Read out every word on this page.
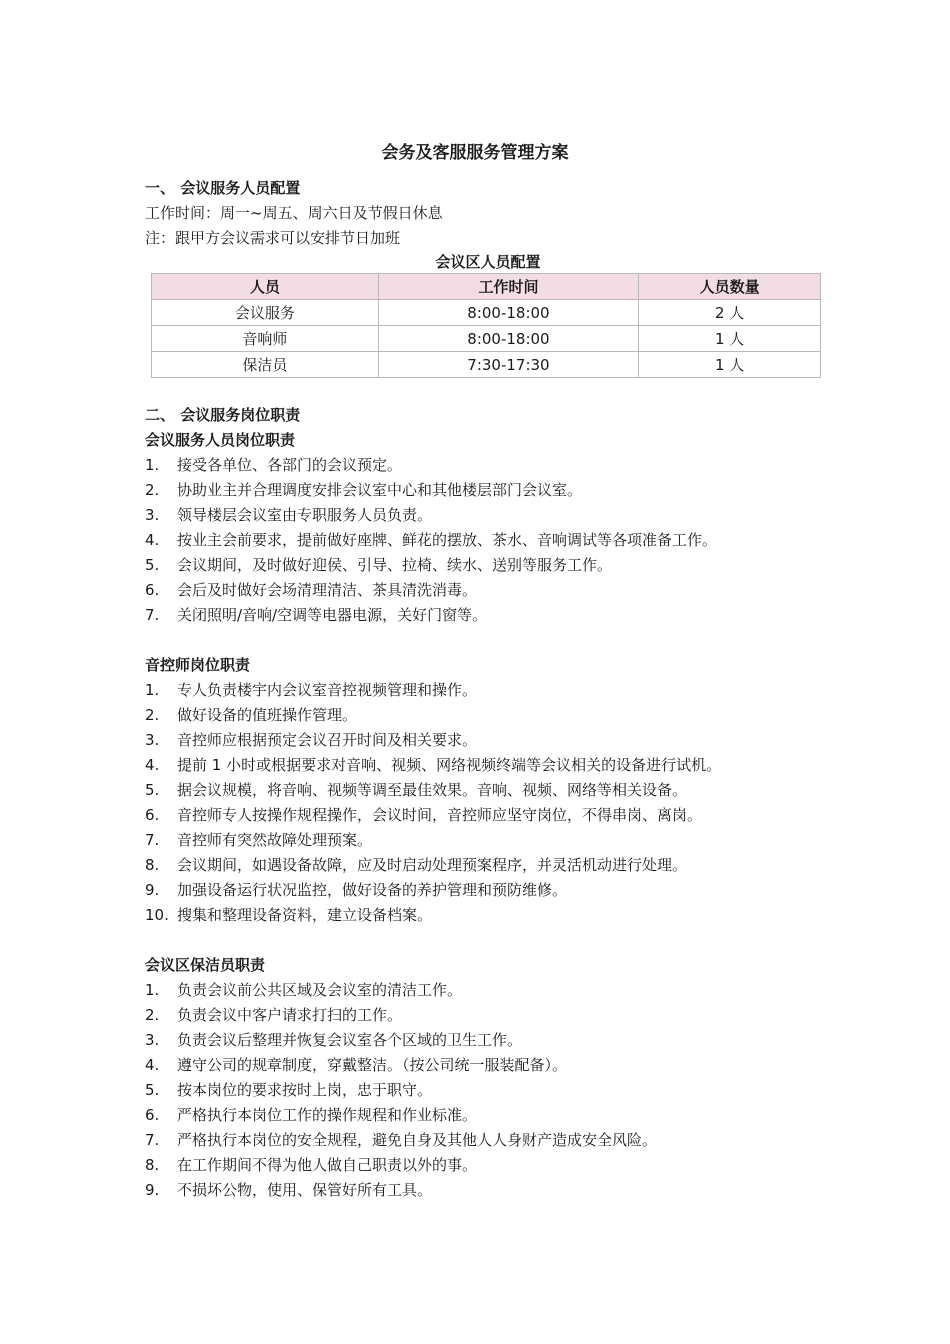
会务及客服服务管理方案
一、 会议服务人员配置
工作时间：周一~周五、周六日及节假日休息
注：跟甲方会议需求可以安排节日加班
会议区人员配置
人员	工作时间	人员数量
会议服务	8:00-18:00	2 人
音响师	8:00-18:00	1 人
保洁员	7:30-17:30	1 人
二、 会议服务岗位职责
会议服务人员岗位职责
1.	接受各单位、各部门的会议预定。
2.	协助业主并合理调度安排会议室中心和其他楼层部门会议室。
3.	领导楼层会议室由专职服务人员负责。
4.	按业主会前要求，提前做好座牌、鲜花的摆放、茶水、音响调试等各项准备工作。
5.	会议期间，及时做好迎侯、引导、拉椅、续水、送别等服务工作。
6.	会后及时做好会场清理清洁、茶具清洗消毒。
7.	关闭照明/音响/空调等电器电源，关好门窗等。
音控师岗位职责
1.	专人负责楼宇内会议室音控视频管理和操作。
2.	做好设备的值班操作管理。
3.	音控师应根据预定会议召开时间及相关要求。
4.	提前 1 小时或根据要求对音响、视频、网络视频终端等会议相关的设备进行试机。
5.	据会议规模，将音响、视频等调至最佳效果。音响、视频、网络等相关设备。
6.	音控师专人按操作规程操作，会议时间，音控师应坚守岗位，不得串岗、离岗。
7.	音控师有突然故障处理预案。
8.	会议期间，如遇设备故障，应及时启动处理预案程序，并灵活机动进行处理。
9.	加强设备运行状况监控，做好设备的养护管理和预防维修。
10. 搜集和整理设备资料，建立设备档案。
会议区保洁员职责
1.	负责会议前公共区域及会议室的清洁工作。
2.	负责会议中客户请求打扫的工作。
3.	负责会议后整理并恢复会议室各个区域的卫生工作。
4.	遵守公司的规章制度，穿戴整洁。（按公司统一服装配备）。
5.	按本岗位的要求按时上岗，忠于职守。
6.	严格执行本岗位工作的操作规程和作业标准。
7.	严格执行本岗位的安全规程，避免自身及其他人人身财产造成安全风险。
8.	在工作期间不得为他人做自己职责以外的事。
9.	不损坏公物，使用、保管好所有工具。
